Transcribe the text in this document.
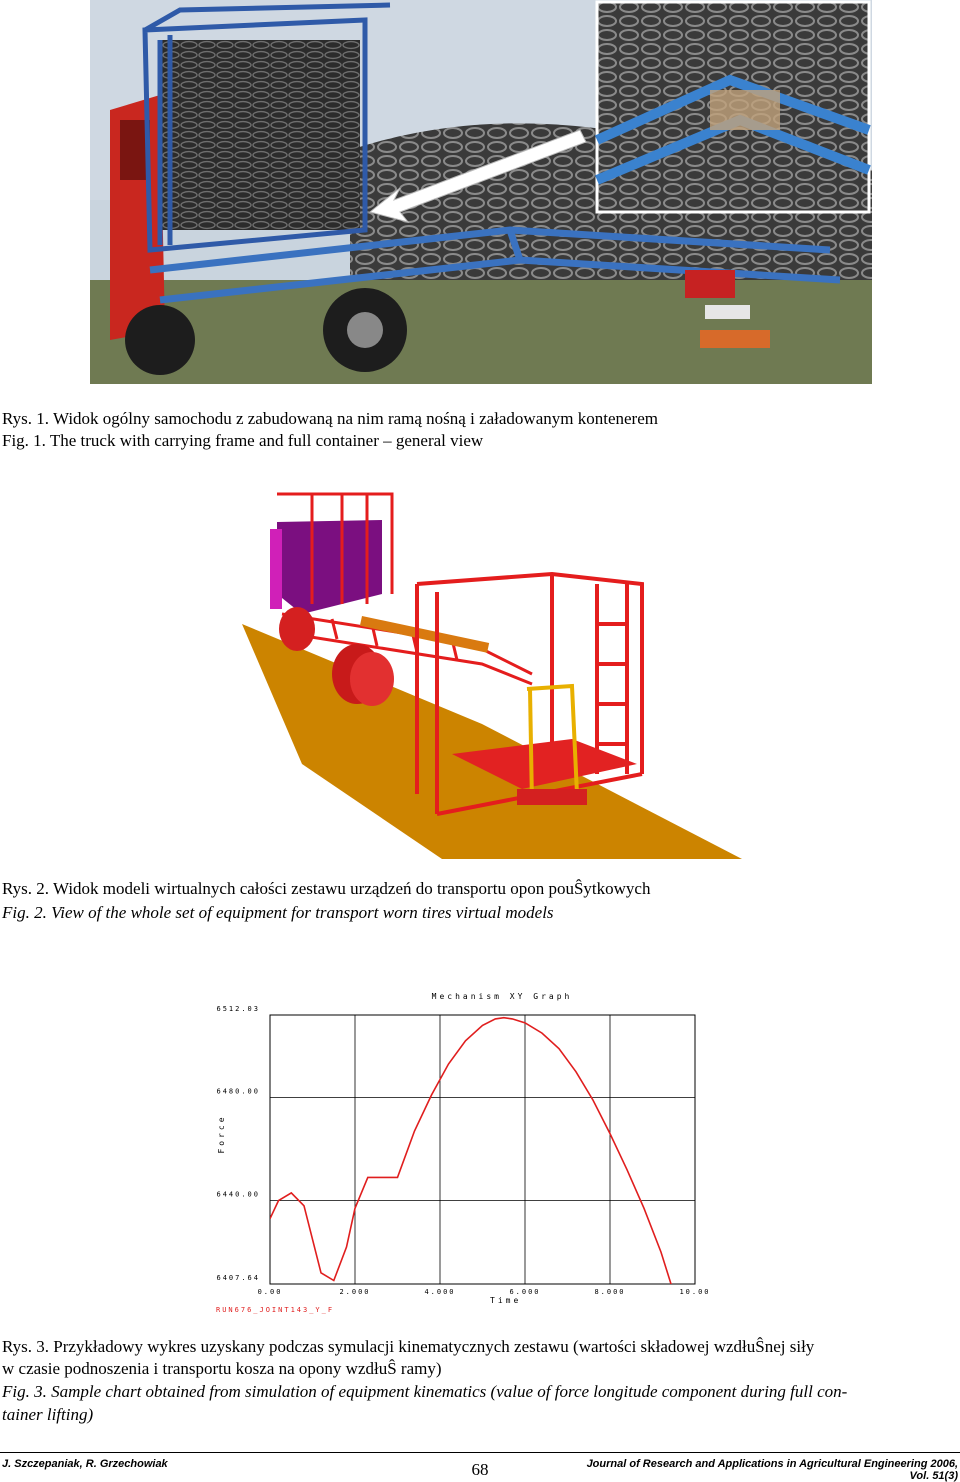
Rys. 1. Widok ogólny samochodu z zabudowaną na nim ramą nośną i załadowanym kontenerem
Fig. 1. The truck with carrying frame and full container – general view
Rys. 2. Widok modeli wirtualnych całości zestawu urządzeń do transportu opon pouŜytkowych
Fig. 2. View of the whole set of equipment for transport worn tires virtual models
Mechanism XY Graph
Force
Time
RUN676_JOINT143_Y_F
0.00	2.000	4.000	6.000	8.000	10.00
6407.64
6440.00
6480.00
6512.03
Rys. 3. Przykładowy wykres uzyskany podczas symulacji kinematycznych zestawu (wartości składowej wzdłuŜnej siły
w czasie podnoszenia i transportu kosza na opony wzdłuŜ ramy)
Fig. 3. Sample chart obtained from simulation of equipment kinematics (value of force longitude component during full con-
tainer lifting)
J. Szczepaniak, R. Grzechowiak	68	Journal of Research and Applications in Agricultural Engineering 2006, Vol. 51(3)
